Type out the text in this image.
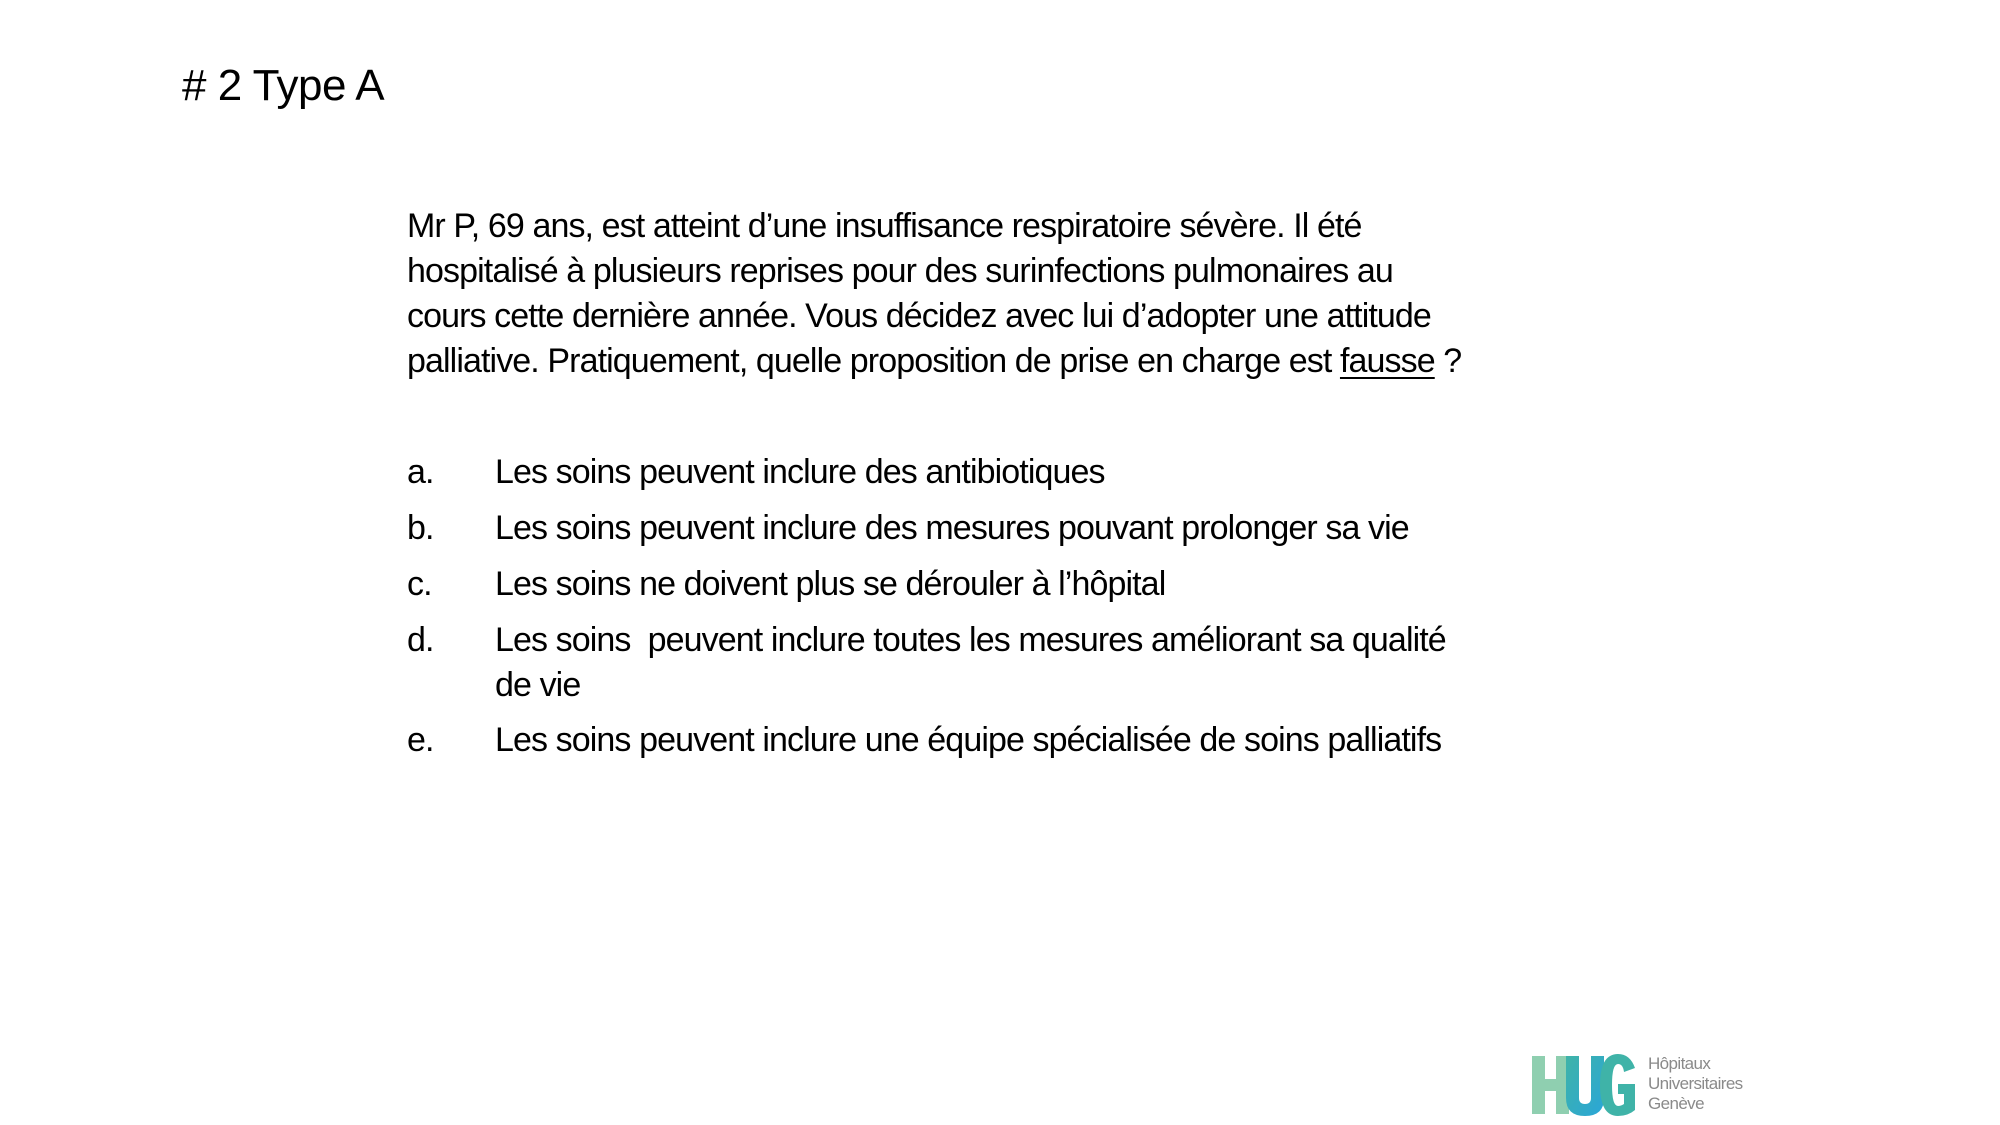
# 2 Type A
Mr P, 69 ans, est atteint d’une insuffisance respiratoire sévère. Il été
hospitalisé à plusieurs reprises pour des surinfections pulmonaires au
cours cette dernière année. Vous décidez avec lui d’adopter une attitude
palliative. Pratiquement, quelle proposition de prise en charge est fausse ?
a. Les soins peuvent inclure des antibiotiques
b. Les soins peuvent inclure des mesures pouvant prolonger sa vie
c. Les soins ne doivent plus se dérouler à l’hôpital
d. Les soins  peuvent inclure toutes les mesures améliorant sa qualité
de vie
e. Les soins peuvent inclure une équipe spécialisée de soins palliatifs
Hôpitaux
Universitaires
Genève
